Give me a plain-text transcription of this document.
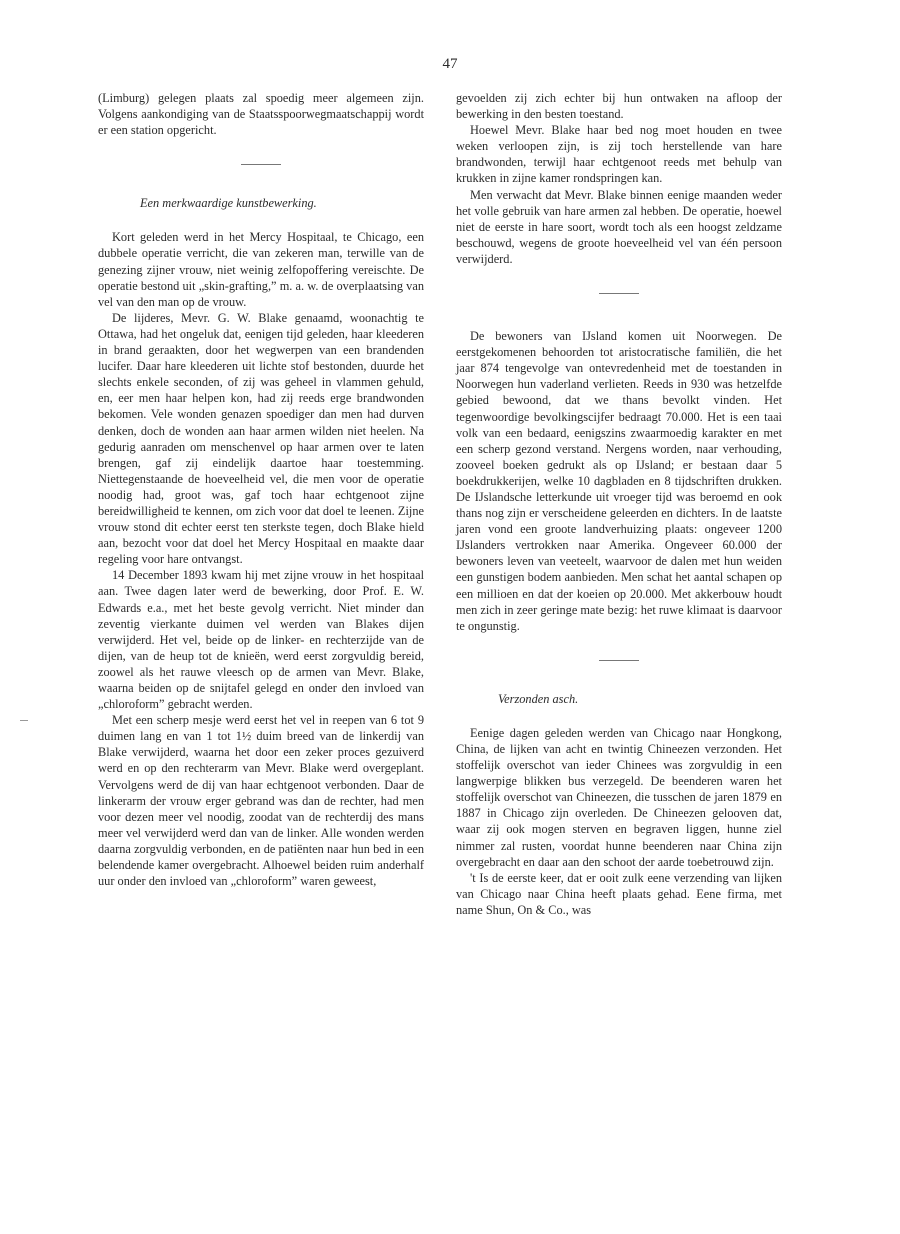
47

(Limburg) gelegen plaats zal spoedig meer algemeen zijn. Volgens aankondiging van de Staatsspoorwegmaatschappij wordt er een station opgericht.

Een merkwaardige kunstbewerking.

Kort geleden werd in het Mercy Hospitaal, te Chicago, een dubbele operatie verricht, die van zekeren man, terwille van de genezing zijner vrouw, niet weinig zelfopoffering vereischte. De operatie bestond uit „skin-grafting,” m. a. w. de overplaatsing van vel van den man op de vrouw.

De lijderes, Mevr. G. W. Blake genaamd, woonachtig te Ottawa, had het ongeluk dat, eenigen tijd geleden, haar kleederen in brand geraakten, door het wegwerpen van een brandenden lucifer. Daar hare kleederen uit lichte stof bestonden, duurde het slechts enkele seconden, of zij was geheel in vlammen gehuld, en, eer men haar helpen kon, had zij reeds erge brandwonden bekomen. Vele wonden genazen spoediger dan men had durven denken, doch de wonden aan haar armen wilden niet heelen. Na gedurig aanraden om menschenvel op haar armen over te laten brengen, gaf zij eindelijk daartoe haar toestemming. Niettegenstaande de hoeveelheid vel, die men voor de operatie noodig had, groot was, gaf toch haar echtgenoot zijne bereidwilligheid te kennen, om zich voor dat doel te leenen. Zijne vrouw stond dit echter eerst ten sterkste tegen, doch Blake hield aan, bezocht voor dat doel het Mercy Hospitaal en maakte daar regeling voor hare ontvangst.

14 December 1893 kwam hij met zijne vrouw in het hospitaal aan. Twee dagen later werd de bewerking, door Prof. E. W. Edwards e.a., met het beste gevolg verricht. Niet minder dan zeventig vierkante duimen vel werden van Blakes dijen verwijderd. Het vel, beide op de linker- en rechterzijde van de dijen, van de heup tot de knieën, werd eerst zorgvuldig bereid, zoowel als het rauwe vleesch op de armen van Mevr. Blake, waarna beiden op de snijtafel gelegd en onder den invloed van „chloroform” gebracht werden.

Met een scherp mesje werd eerst het vel in reepen van 6 tot 9 duimen lang en van 1 tot 1½ duim breed van de linkerdij van Blake verwijderd, waarna het door een zeker proces gezuiverd werd en op den rechterarm van Mevr. Blake werd overgeplant. Vervolgens werd de dij van haar echtgenoot verbonden. Daar de linkerarm der vrouw erger gebrand was dan de rechter, had men voor dezen meer vel noodig, zoodat van de rechterdij des mans meer vel verwijderd werd dan van de linker. Alle wonden werden daarna zorgvuldig verbonden, en de patiënten naar hun bed in een belendende kamer overgebracht. Alhoewel beiden ruim anderhalf uur onder den invloed van „chloroform” waren geweest,

gevoelden zij zich echter bij hun ontwaken na afloop der bewerking in den besten toestand.

Hoewel Mevr. Blake haar bed nog moet houden en twee weken verloopen zijn, is zij toch herstellende van hare brandwonden, terwijl haar echtgenoot reeds met behulp van krukken in zijne kamer rondspringen kan.

Men verwacht dat Mevr. Blake binnen eenige maanden weder het volle gebruik van hare armen zal hebben. De operatie, hoewel niet de eerste in hare soort, wordt toch als een hoogst zeldzame beschouwd, wegens de groote hoeveelheid vel van één persoon verwijderd.

De bewoners van IJsland komen uit Noorwegen. De eerstgekomenen behoorden tot aristocratische familiën, die het jaar 874 tengevolge van ontevredenheid met de toestanden in Noorwegen hun vaderland verlieten. Reeds in 930 was hetzelfde gebied bewoond, dat we thans bevolkt vinden. Het tegenwoordige bevolkingscijfer bedraagt 70.000. Het is een taai volk van een bedaard, eenigszins zwaarmoedig karakter en met een scherp gezond verstand. Nergens worden, naar verhouding, zooveel boeken gedrukt als op IJsland; er bestaan daar 5 boekdrukkerijen, welke 10 dagbladen en 8 tijdschriften drukken. De IJslandsche letterkunde uit vroeger tijd was beroemd en ook thans nog zijn er verscheidene geleerden en dichters. In de laatste jaren vond een groote landverhuizing plaats: ongeveer 1200 IJslanders vertrokken naar Amerika. Ongeveer 60.000 der bewoners leven van veeteelt, waarvoor de dalen met hun weiden een gunstigen bodem aanbieden. Men schat het aantal schapen op een millioen en dat der koeien op 20.000. Met akkerbouw houdt men zich in zeer geringe mate bezig: het ruwe klimaat is daarvoor te ongunstig.

Verzonden asch.

Eenige dagen geleden werden van Chicago naar Hongkong, China, de lijken van acht en twintig Chineezen verzonden. Het stoffelijk overschot van ieder Chinees was zorgvuldig in een langwerpige blikken bus verzegeld. De beenderen waren het stoffelijk overschot van Chineezen, die tusschen de jaren 1879 en 1887 in Chicago zijn overleden. De Chineezen gelooven dat, waar zij ook mogen sterven en begraven liggen, hunne ziel nimmer zal rusten, voordat hunne beenderen naar China zijn overgebracht en daar aan den schoot der aarde toebetrouwd zijn.

't Is de eerste keer, dat er ooit zulk eene verzending van lijken van Chicago naar China heeft plaats gehad. Eene firma, met name Shun, On & Co., was
